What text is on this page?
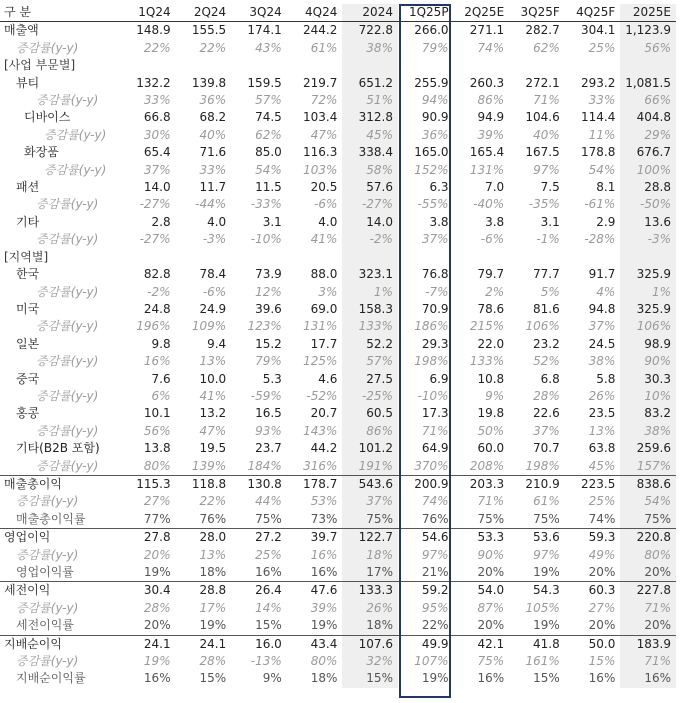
구 분	1Q24	2Q24	3Q24	4Q24	2024	1Q25P	2Q25E	3Q25F	4Q25F	2025E
매출액	148.9	155.5	174.1	244.2	722.8	266.0	271.1	282.7	304.1	1,123.9
증감률(y-y)	22%	22%	43%	61%	38%	79%	74%	62%	25%	56%
[사업 부문별]										
뷰티	132.2	139.8	159.5	219.7	651.2	255.9	260.3	272.1	293.2	1,081.5
증감률(y-y)	33%	36%	57%	72%	51%	94%	86%	71%	33%	66%
디바이스	66.8	68.2	74.5	103.4	312.8	90.9	94.9	104.6	114.4	404.8
증감률(y-y)	30%	40%	62%	47%	45%	36%	39%	40%	11%	29%
화장품	65.4	71.6	85.0	116.3	338.4	165.0	165.4	167.5	178.8	676.7
증감률(y-y)	37%	33%	54%	103%	58%	152%	131%	97%	54%	100%
패션	14.0	11.7	11.5	20.5	57.6	6.3	7.0	7.5	8.1	28.8
증감률(y-y)	-27%	-44%	-33%	-6%	-27%	-55%	-40%	-35%	-61%	-50%
기타	2.8	4.0	3.1	4.0	14.0	3.8	3.8	3.1	2.9	13.6
증감률(y-y)	-27%	-3%	-10%	41%	-2%	37%	-6%	-1%	-28%	-3%
[지역별]										
한국	82.8	78.4	73.9	88.0	323.1	76.8	79.7	77.7	91.7	325.9
증감률(y-y)	-2%	-6%	12%	3%	1%	-7%	2%	5%	4%	1%
미국	24.8	24.9	39.6	69.0	158.3	70.9	78.6	81.6	94.8	325.9
증감률(y-y)	196%	109%	123%	131%	133%	186%	215%	106%	37%	106%
일본	9.8	9.4	15.2	17.7	52.2	29.3	22.0	23.2	24.5	98.9
증감률(y-y)	16%	13%	79%	125%	57%	198%	133%	52%	38%	90%
중국	7.6	10.0	5.3	4.6	27.5	6.9	10.8	6.8	5.8	30.3
증감률(y-y)	6%	41%	-59%	-52%	-25%	-10%	9%	28%	26%	10%
홍콩	10.1	13.2	16.5	20.7	60.5	17.3	19.8	22.6	23.5	83.2
증감률(y-y)	56%	47%	93%	143%	86%	71%	50%	37%	13%	38%
기타(B2B 포함)	13.8	19.5	23.7	44.2	101.2	64.9	60.0	70.7	63.8	259.6
증감률(y-y)	80%	139%	184%	316%	191%	370%	208%	198%	45%	157%
매출총이익	115.3	118.8	130.8	178.7	543.6	200.9	203.3	210.9	223.5	838.6
증감률(y-y)	27%	22%	44%	53%	37%	74%	71%	61%	25%	54%
매출총이익률	77%	76%	75%	73%	75%	76%	75%	75%	74%	75%
영업이익	27.8	28.0	27.2	39.7	122.7	54.6	53.3	53.6	59.3	220.8
증감률(y-y)	20%	13%	25%	16%	18%	97%	90%	97%	49%	80%
영업이익률	19%	18%	16%	16%	17%	21%	20%	19%	20%	20%
세전이익	30.4	28.8	26.4	47.6	133.3	59.2	54.0	54.3	60.3	227.8
증감률(y-y)	28%	17%	14%	39%	26%	95%	87%	105%	27%	71%
세전이익률	20%	19%	15%	19%	18%	22%	20%	19%	20%	20%
지배순이익	24.1	24.1	16.0	43.4	107.6	49.9	42.1	41.8	50.0	183.9
증감률(y-y)	19%	28%	-13%	80%	32%	107%	75%	161%	15%	71%
지배순이익률	16%	15%	9%	18%	15%	19%	16%	15%	16%	16%
